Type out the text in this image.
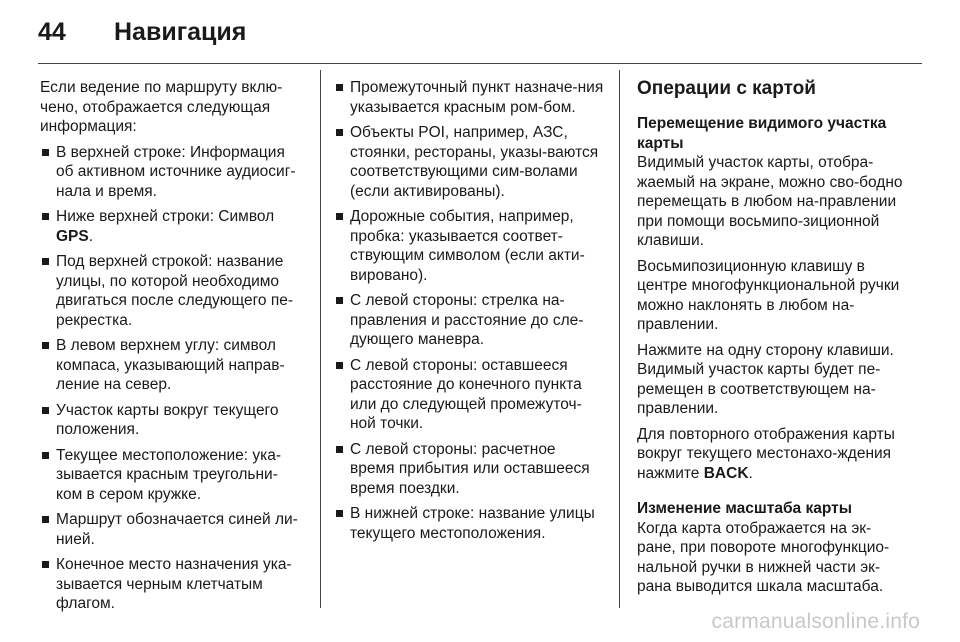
44	Навигация

Если ведение по маршруту вклю-чено, отображается следующая информация:

В верхней строке: Информация об активном источнике аудиосиг-нала и время.
Ниже верхней строки: Символ GPS.
Под верхней строкой: название улицы, по которой необходимо двигаться после следующего пе-рекрестка.
В левом верхнем углу: символ компаса, указывающий направ-ление на север.
Участок карты вокруг текущего положения.
Текущее местоположение: ука-зывается красным треугольни-ком в сером кружке.
Маршрут обозначается синей ли-нией.
Конечное место назначения ука-зывается черным клетчатым флагом.
Промежуточный пункт назначе-ния указывается красным ром-бом.
Объекты POI, например, АЗС, стоянки, рестораны, указы-ваются соответствующими сим-волами (если активированы).
Дорожные события, например, пробка: указывается соответ-ствующим символом (если акти-вировано).
С левой стороны: стрелка на-правления и расстояние до сле-дующего маневра.
С левой стороны: оставшееся расстояние до конечного пункта или до следующей промежуточ-ной точки.
С левой стороны: расчетное время прибытия или оставшееся время поездки.
В нижней строке: название улицы текущего местоположения.
Операции с картой
Перемещение видимого участка карты

Видимый участок карты, отобра-жаемый на экране, можно сво-бодно перемещать в любом на-правлении при помощи восьмипо-зиционной клавиши.

Восьмипозиционную клавишу в центре многофункциональной ручки можно наклонять в любом на-правлении.

Нажмите на одну сторону клавиши. Видимый участок карты будет пе-ремещен в соответствующем на-правлении.

Для повторного отображения карты вокруг текущего местонахо-ждения нажмите BACK.

Изменение масштаба карты

Когда карта отображается на эк-ране, при повороте многофункцио-нальной ручки в нижней части эк-рана выводится шкала масштаба.

carmanualsonline.info
